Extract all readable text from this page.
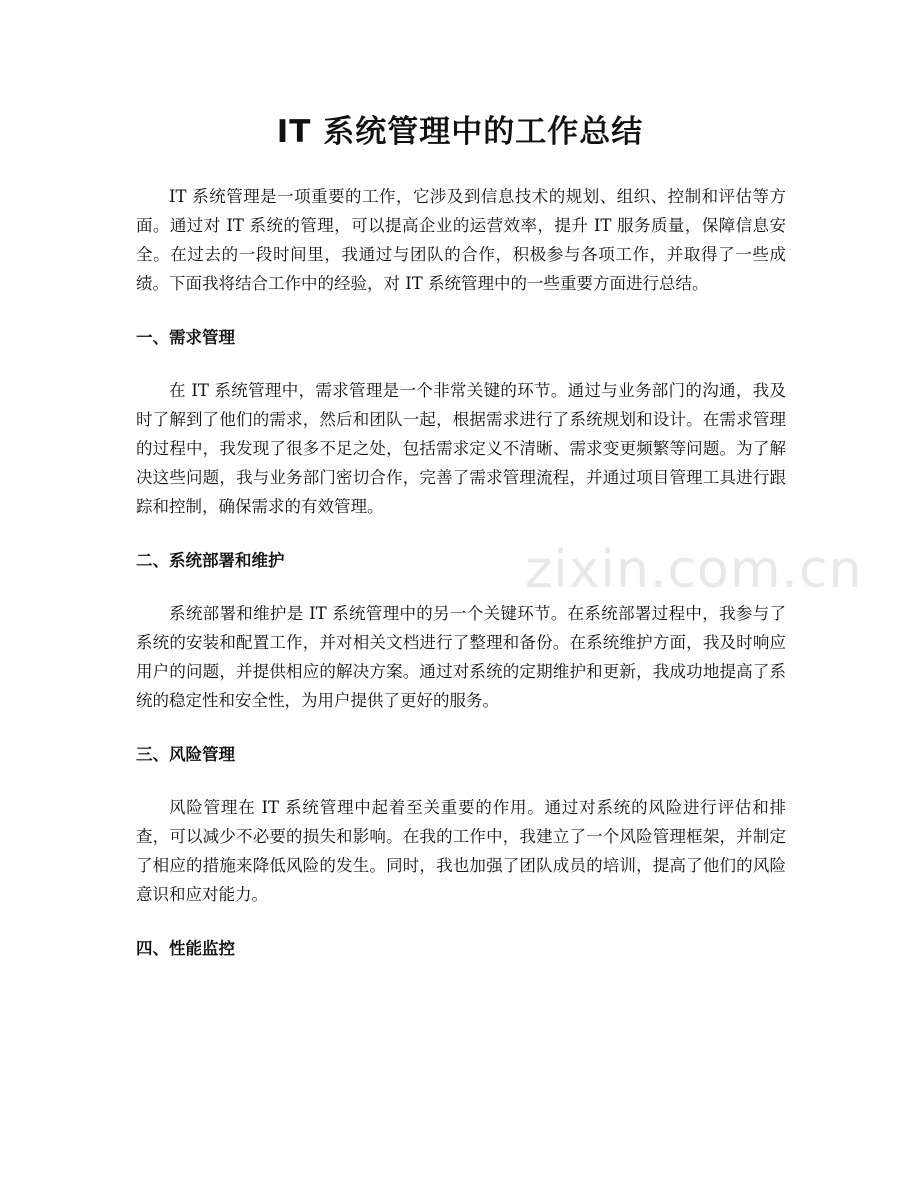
IT 系统管理中的工作总结

IT 系统管理是一项重要的工作，它涉及到信息技术的规划、组织、控制和评估等方面。通过对 IT 系统的管理，可以提高企业的运营效率，提升 IT 服务质量，保障信息安全。在过去的一段时间里，我通过与团队的合作，积极参与各项工作，并取得了一些成绩。下面我将结合工作中的经验，对 IT 系统管理中的一些重要方面进行总结。

一、需求管理

在 IT 系统管理中，需求管理是一个非常关键的环节。通过与业务部门的沟通，我及时了解到了他们的需求，然后和团队一起，根据需求进行了系统规划和设计。在需求管理的过程中，我发现了很多不足之处，包括需求定义不清晰、需求变更频繁等问题。为了解决这些问题，我与业务部门密切合作，完善了需求管理流程，并通过项目管理工具进行跟踪和控制，确保需求的有效管理。

二、系统部署和维护

系统部署和维护是 IT 系统管理中的另一个关键环节。在系统部署过程中，我参与了系统的安装和配置工作，并对相关文档进行了整理和备份。在系统维护方面，我及时响应用户的问题，并提供相应的解决方案。通过对系统的定期维护和更新，我成功地提高了系统的稳定性和安全性，为用户提供了更好的服务。

三、风险管理

风险管理在 IT 系统管理中起着至关重要的作用。通过对系统的风险进行评估和排查，可以减少不必要的损失和影响。在我的工作中，我建立了一个风险管理框架，并制定了相应的措施来降低风险的发生。同时，我也加强了团队成员的培训，提高了他们的风险意识和应对能力。

四、性能监控
zixin.com.cn
